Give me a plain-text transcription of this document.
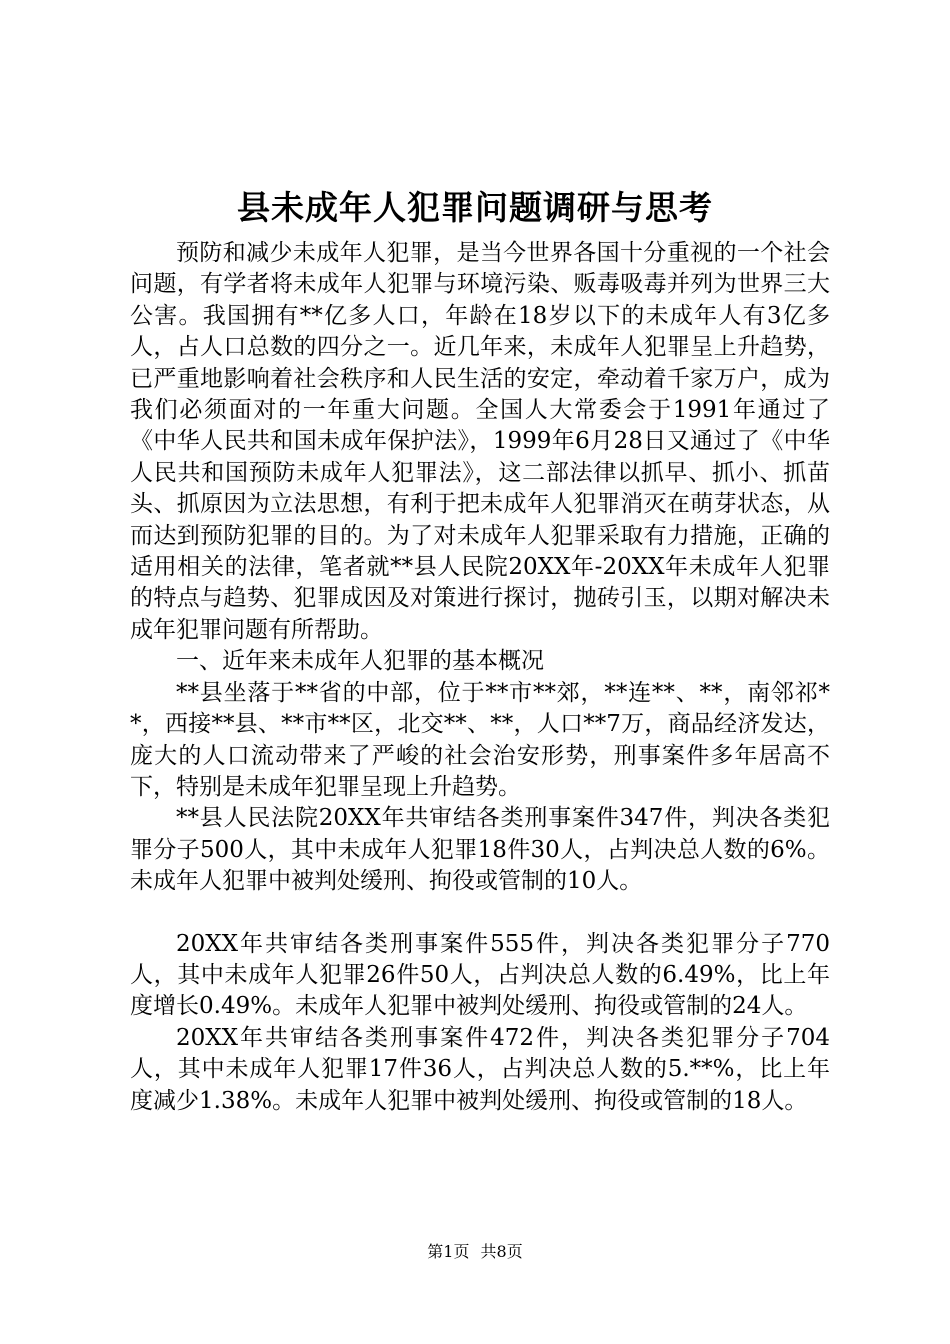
县未成年人犯罪问题调研与思考

预防和减少未成年人犯罪，是当今世界各国十分重视的一个社会问题，有学者将未成年人犯罪与环境污染、贩毒吸毒并列为世界三大公害。我国拥有**亿多人口，年龄在18岁以下的未成年人有3亿多人，占人口总数的四分之一。近几年来，未成年人犯罪呈上升趋势，已严重地影响着社会秩序和人民生活的安定，牵动着千家万户，成为我们必须面对的一年重大问题。全国人大常委会于1991年通过了《中华人民共和国未成年保护法》，1999年6月28日又通过了《中华人民共和国预防未成年人犯罪法》，这二部法律以抓早、抓小、抓苗头、抓原因为立法思想，有利于把未成年人犯罪消灭在萌芽状态，从而达到预防犯罪的目的。为了对未成年人犯罪采取有力措施，正确的适用相关的法律，笔者就**县人民院20XX年-20XX年未成年人犯罪的特点与趋势、犯罪成因及对策进行探讨，抛砖引玉，以期对解决未成年犯罪问题有所帮助。

一、近年来未成年人犯罪的基本概况

**县坐落于**省的中部，位于**市**郊，**连**、**，南邻祁**，西接**县、**市**区，北交**、**，人口**7万，商品经济发达，庞大的人口流动带来了严峻的社会治安形势，刑事案件多年居高不下，特别是未成年犯罪呈现上升趋势。

**县人民法院20XX年共审结各类刑事案件347件，判决各类犯罪分子500人，其中未成年人犯罪18件30人，占判决总人数的6%。未成年人犯罪中被判处缓刑、拘役或管制的10人。

20XX年共审结各类刑事案件555件，判决各类犯罪分子770人，其中未成年人犯罪26件50人，占判决总人数的6.49%，比上年度增长0.49%。未成年人犯罪中被判处缓刑、拘役或管制的24人。

20XX年共审结各类刑事案件472件，判决各类犯罪分子704人，其中未成年人犯罪17件36人，占判决总人数的5.**%，比上年度减少1.38%。未成年人犯罪中被判处缓刑、拘役或管制的18人。

第1页 共8页
